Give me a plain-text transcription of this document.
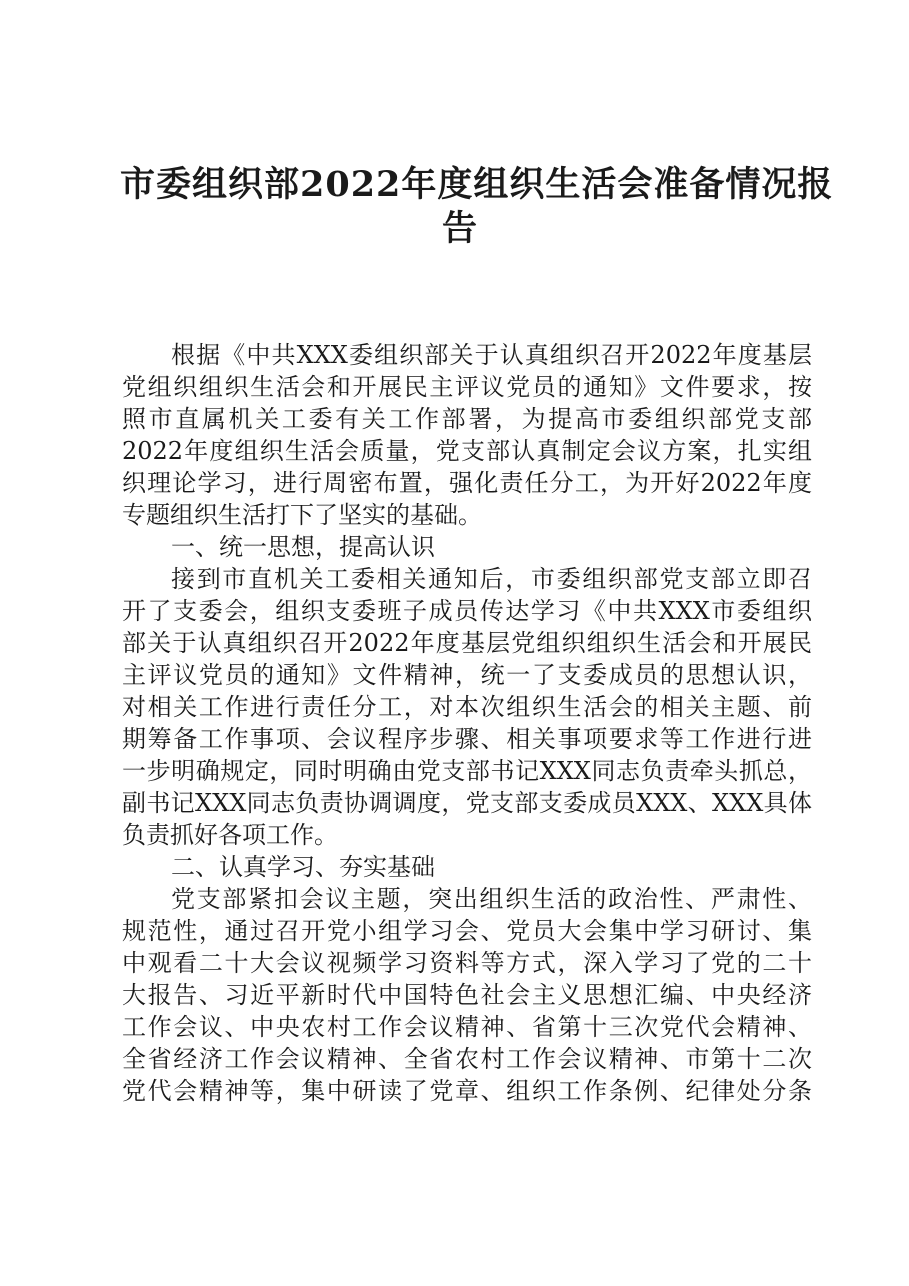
市委组织部2022年度组织生活会准备情况报
告
根据《中共XXX委组织部关于认真组织召开2022年度基层
党组织组织生活会和开展民主评议党员的通知》文件要求，按
照市直属机关工委有关工作部署，为提高市委组织部党支部
2022年度组织生活会质量，党支部认真制定会议方案，扎实组
织理论学习，进行周密布置，强化责任分工，为开好2022年度
专题组织生活打下了坚实的基础。
一、统一思想，提高认识
接到市直机关工委相关通知后，市委组织部党支部立即召
开了支委会，组织支委班子成员传达学习《中共XXX市委组织
部关于认真组织召开2022年度基层党组织组织生活会和开展民
主评议党员的通知》文件精神，统一了支委成员的思想认识，
对相关工作进行责任分工，对本次组织生活会的相关主题、前
期筹备工作事项、会议程序步骤、相关事项要求等工作进行进
一步明确规定，同时明确由党支部书记XXX同志负责牵头抓总，
副书记XXX同志负责协调调度，党支部支委成员XXX、XXX具体
负责抓好各项工作。
二、认真学习、夯实基础
党支部紧扣会议主题，突出组织生活的政治性、严肃性、
规范性，通过召开党小组学习会、党员大会集中学习研讨、集
中观看二十大会议视频学习资料等方式，深入学习了党的二十
大报告、习近平新时代中国特色社会主义思想汇编、中央经济
工作会议、中央农村工作会议精神、省第十三次党代会精神、
全省经济工作会议精神、全省农村工作会议精神、市第十二次
党代会精神等，集中研读了党章、组织工作条例、纪律处分条
